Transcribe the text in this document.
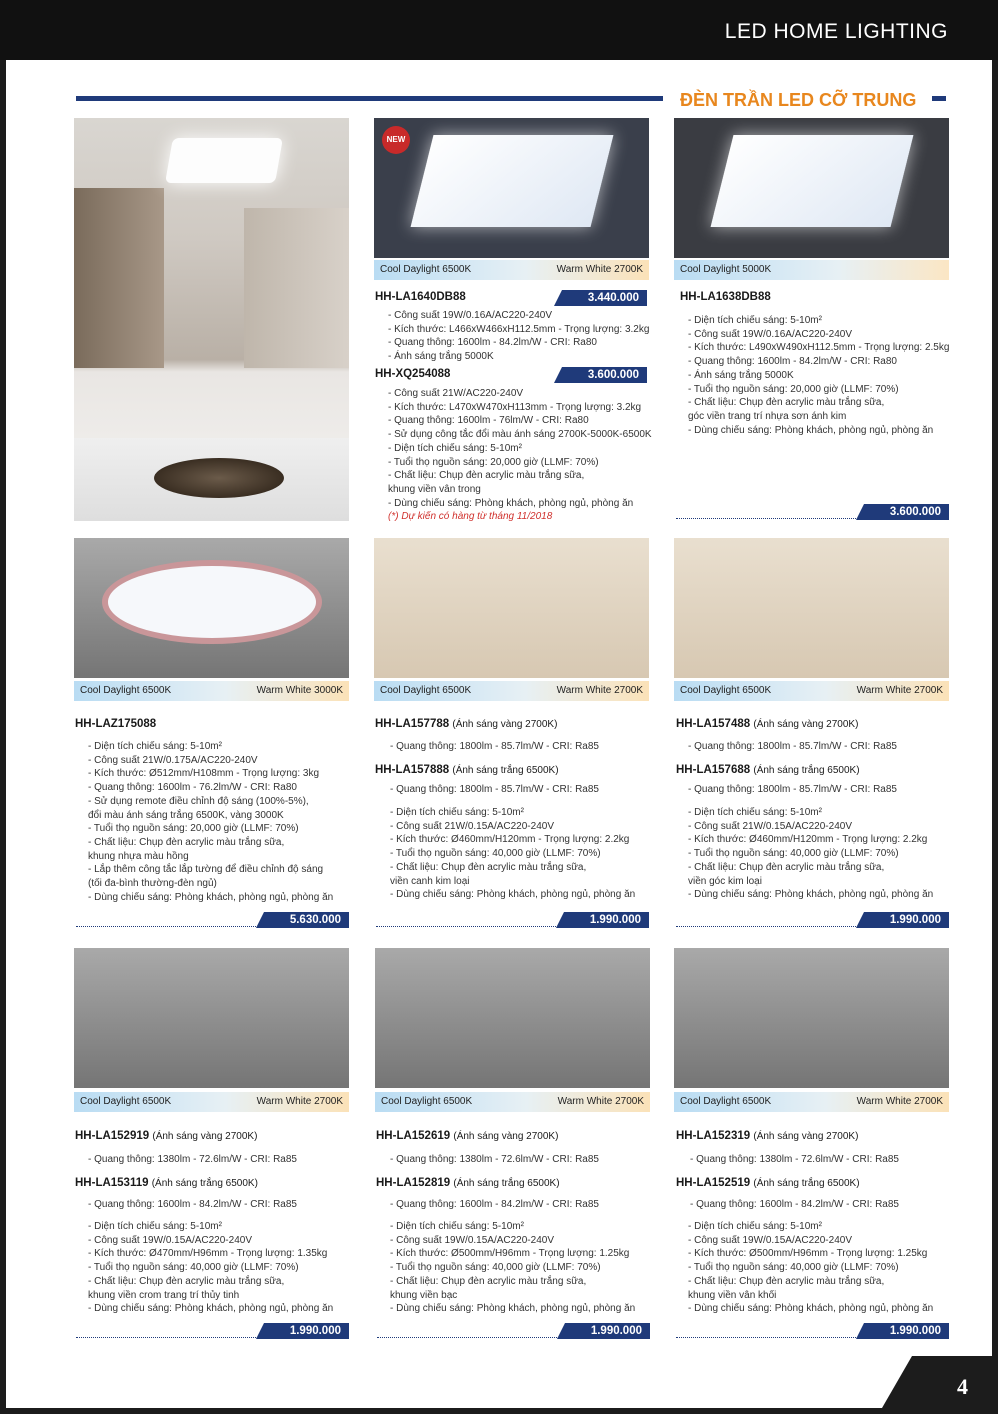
LED HOME LIGHTING
ĐÈN TRẦN LED CỠ TRUNG
NEW
Cool Daylight 6500K	Warm White 2700K
HH-LA1640DB88	3.440.000
- Công suất 19W/0.16A/AC220-240V
- Kích thước: L466xW466xH112.5mm - Trọng lượng: 3.2kg
- Quang thông: 1600lm - 84.2lm/W - CRI: Ra80
- Ánh sáng trắng 5000K
HH-XQ254088	3.600.000
- Công suất 21W/AC220-240V
- Kích thước: L470xW470xH113mm - Trọng lượng: 3.2kg
- Quang thông: 1600lm - 76lm/W - CRI: Ra80
- Sử dụng công tắc đổi màu ánh sáng 2700K-5000K-6500K
- Diện tích chiếu sáng: 5-10m²
- Tuổi thọ nguồn sáng: 20,000 giờ (LLMF: 70%)
- Chất liệu: Chụp đèn acrylic màu trắng sữa,
khung viền vân trong
- Dùng chiếu sáng: Phòng khách, phòng ngủ, phòng ăn
(*) Dự kiến có hàng từ tháng 11/2018
Cool Daylight 5000K
HH-LA1638DB88
- Diện tích chiếu sáng: 5-10m²
- Công suất 19W/0.16A/AC220-240V
- Kích thước: L490xW490xH112.5mm - Trọng lượng: 2.5kg
- Quang thông: 1600lm - 84.2lm/W - CRI: Ra80
- Ánh sáng trắng 5000K
- Tuổi thọ nguồn sáng: 20,000 giờ (LLMF: 70%)
- Chất liệu: Chụp đèn acrylic màu trắng sữa,
góc viền trang trí nhựa sơn ánh kim
- Dùng chiếu sáng: Phòng khách, phòng ngủ, phòng ăn
3.600.000
Cool Daylight 6500K	Warm White 3000K
HH-LAZ175088
- Diện tích chiếu sáng: 5-10m²
- Công suất 21W/0.175A/AC220-240V
- Kích thước: Ø512mm/H108mm - Trọng lượng: 3kg
- Quang thông: 1600lm - 76.2lm/W - CRI: Ra80
- Sử dụng remote điều chỉnh độ sáng (100%-5%),
đổi màu ánh sáng trắng 6500K, vàng 3000K
- Tuổi thọ nguồn sáng: 20,000 giờ (LLMF: 70%)
- Chất liệu: Chụp đèn acrylic màu trắng sữa,
khung nhựa màu hồng
- Lắp thêm công tắc lắp tường để điều chỉnh độ sáng
(tối đa-bình thường-đèn ngủ)
- Dùng chiếu sáng: Phòng khách, phòng ngủ, phòng ăn
5.630.000
Cool Daylight 6500K	Warm White 2700K
HH-LA157788 (Ánh sáng vàng 2700K)
- Quang thông: 1800lm - 85.7lm/W - CRI: Ra85
HH-LA157888 (Ánh sáng trắng 6500K)
- Quang thông: 1800lm - 85.7lm/W - CRI: Ra85
- Diện tích chiếu sáng: 5-10m²
- Công suất 21W/0.15A/AC220-240V
- Kích thước: Ø460mm/H120mm - Trọng lượng: 2.2kg
- Tuổi thọ nguồn sáng: 40,000 giờ (LLMF: 70%)
- Chất liệu: Chụp đèn acrylic màu trắng sữa,
viền canh kim loại
- Dùng chiếu sáng: Phòng khách, phòng ngủ, phòng ăn
1.990.000
Cool Daylight 6500K	Warm White 2700K
HH-LA157488 (Ánh sáng vàng 2700K)
- Quang thông: 1800lm - 85.7lm/W - CRI: Ra85
HH-LA157688 (Ánh sáng trắng 6500K)
- Quang thông: 1800lm - 85.7lm/W - CRI: Ra85
- Diện tích chiếu sáng: 5-10m²
- Công suất 21W/0.15A/AC220-240V
- Kích thước: Ø460mm/H120mm - Trọng lượng: 2.2kg
- Tuổi thọ nguồn sáng: 40,000 giờ (LLMF: 70%)
- Chất liệu: Chụp đèn acrylic màu trắng sữa,
viền góc kim loại
- Dùng chiếu sáng: Phòng khách, phòng ngủ, phòng ăn
1.990.000
Cool Daylight 6500K	Warm White 2700K
HH-LA152919 (Ánh sáng vàng 2700K)
- Quang thông: 1380lm - 72.6lm/W - CRI: Ra85
HH-LA153119 (Ánh sáng trắng 6500K)
- Quang thông: 1600lm - 84.2lm/W - CRI: Ra85
- Diện tích chiếu sáng: 5-10m²
- Công suất 19W/0.15A/AC220-240V
- Kích thước: Ø470mm/H96mm - Trọng lượng: 1.35kg
- Tuổi thọ nguồn sáng: 40,000 giờ (LLMF: 70%)
- Chất liệu: Chụp đèn acrylic màu trắng sữa,
khung viền crom trang trí thủy tinh
- Dùng chiếu sáng: Phòng khách, phòng ngủ, phòng ăn
1.990.000
Cool Daylight 6500K	Warm White 2700K
HH-LA152619 (Ánh sáng vàng 2700K)
- Quang thông: 1380lm - 72.6lm/W - CRI: Ra85
HH-LA152819 (Ánh sáng trắng 6500K)
- Quang thông: 1600lm - 84.2lm/W - CRI: Ra85
- Diện tích chiếu sáng: 5-10m²
- Công suất 19W/0.15A/AC220-240V
- Kích thước: Ø500mm/H96mm - Trọng lượng: 1.25kg
- Tuổi thọ nguồn sáng: 40,000 giờ (LLMF: 70%)
- Chất liệu: Chụp đèn acrylic màu trắng sữa,
khung viền bạc
- Dùng chiếu sáng: Phòng khách, phòng ngủ, phòng ăn
1.990.000
Cool Daylight 6500K	Warm White 2700K
HH-LA152319 (Ánh sáng vàng 2700K)
- Quang thông: 1380lm - 72.6lm/W - CRI: Ra85
HH-LA152519 (Ánh sáng trắng 6500K)
- Quang thông: 1600lm - 84.2lm/W - CRI: Ra85
- Diện tích chiếu sáng: 5-10m²
- Công suất 19W/0.15A/AC220-240V
- Kích thước: Ø500mm/H96mm - Trọng lượng: 1.25kg
- Tuổi thọ nguồn sáng: 40,000 giờ (LLMF: 70%)
- Chất liệu: Chụp đèn acrylic màu trắng sữa,
khung viền vân khối
- Dùng chiếu sáng: Phòng khách, phòng ngủ, phòng ăn
1.990.000
4
